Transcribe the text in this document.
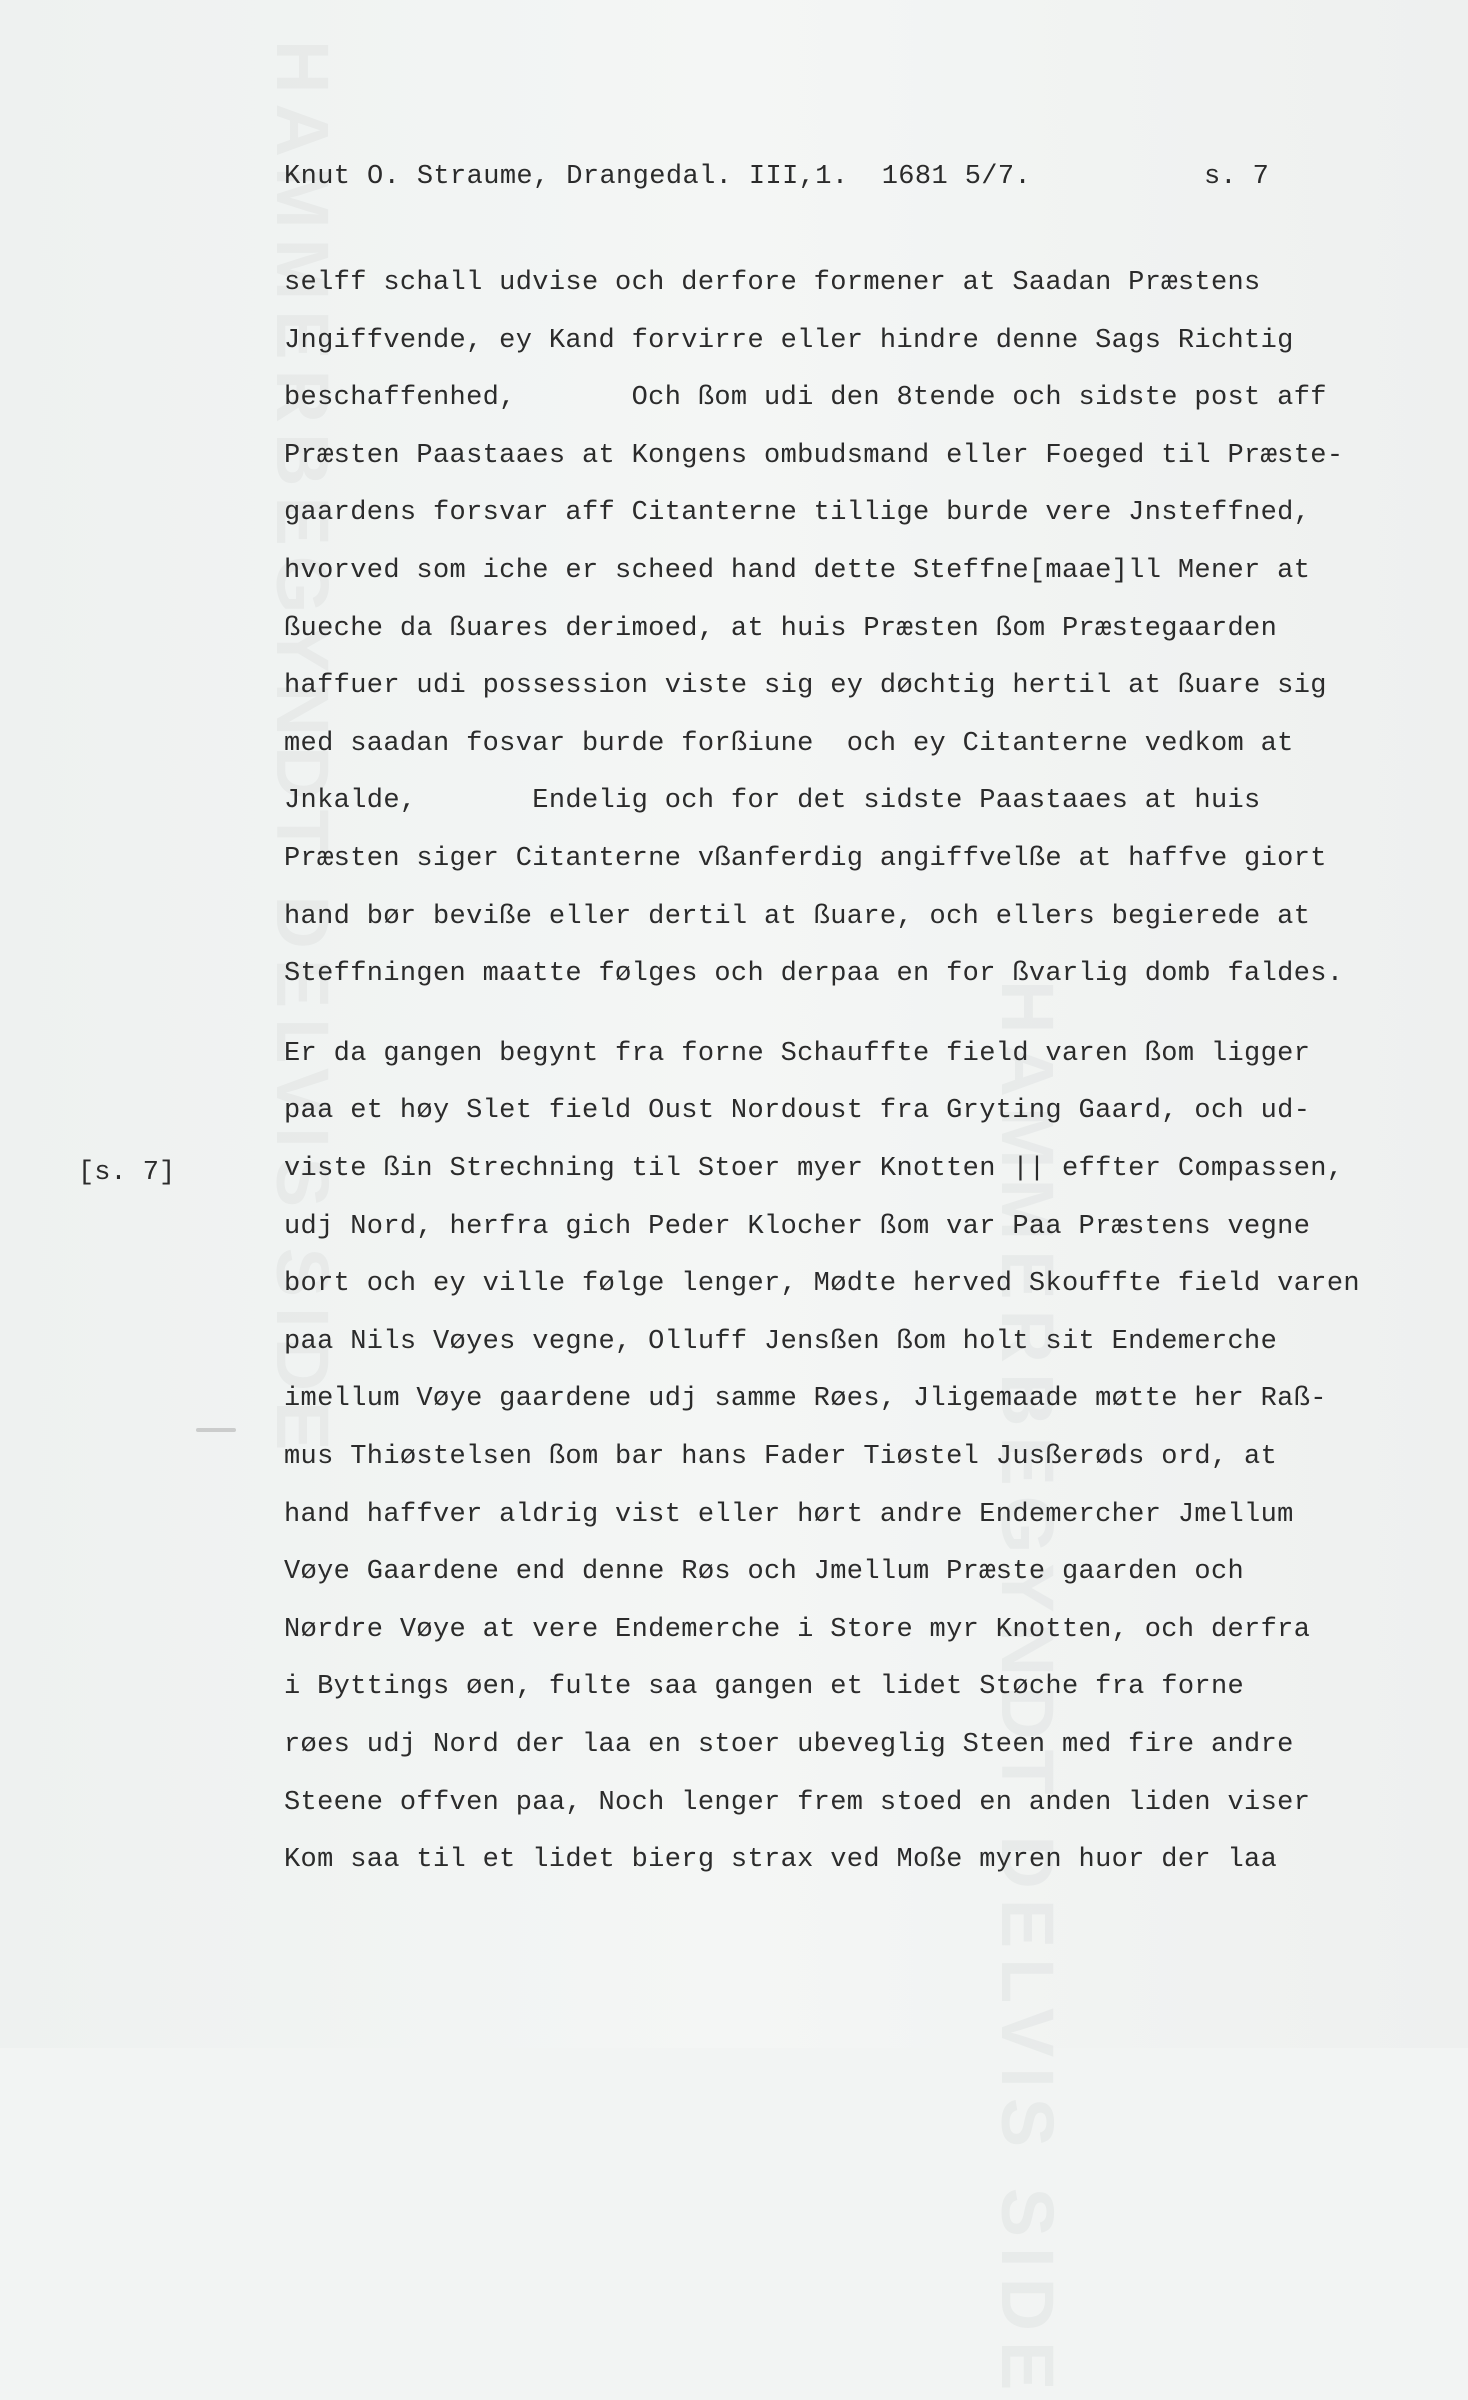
HAMMERBEGYNDT DELVIS SIDE
HAMMERBEGYNDT DELVIS SIDE
Knut O. Straume, Drangedal. III,1.  1681 5/7.	s. 7
[s. 7]
selff schall udvise och derfore formener at Saadan Præstens
Jngiffvende, ey Kand forvirre eller hindre denne Sags Richtig
beschaffenhed,       Och ßom udi den 8tende och sidste post aff
Præsten Paastaaes at Kongens ombudsmand eller Foeged til Præste-
gaardens forsvar aff Citanterne tillige burde vere Jnsteffned,
hvorved som iche er scheed hand dette Steffne[maae]ll Mener at
ßueche da ßuares derimoed, at huis Præsten ßom Præstegaarden
haffuer udi possession viste sig ey døchtig hertil at ßuare sig
med saadan fosvar burde forßiune  och ey Citanterne vedkom at
Jnkalde,       Endelig och for det sidste Paastaaes at huis
Præsten siger Citanterne vßanferdig angiffvelße at haffve giort
hand bør beviße eller dertil at ßuare, och ellers begierede at
Steffningen maatte følges och derpaa en for ßvarlig domb faldes.
Er da gangen begynt fra forne Schauffte field varen ßom ligger
paa et høy Slet field Oust Nordoust fra Gryting Gaard, och ud-
viste ßin Strechning til Stoer myer Knotten || effter Compassen,
udj Nord, herfra gich Peder Klocher ßom var Paa Præstens vegne
bort och ey ville følge lenger, Mødte herved Skouffte field varen
paa Nils Vøyes vegne, Olluff Jensßen ßom holt sit Endemerche
imellum Vøye gaardene udj samme Røes, Jligemaade møtte her Raß-
mus Thiøstelsen ßom bar hans Fader Tiøstel Jusßerøds ord, at
hand haffver aldrig vist eller hørt andre Endemercher Jmellum
Vøye Gaardene end denne Røs och Jmellum Præste gaarden och
Nørdre Vøye at vere Endemerche i Store myr Knotten, och derfra
i Byttings øen, fulte saa gangen et lidet Støche fra forne
røes udj Nord der laa en stoer ubeveglig Steen med fire andre
Steene offven paa, Noch lenger frem stoed en anden liden viser
Kom saa til et lidet bierg strax ved Moße myren huor der laa
